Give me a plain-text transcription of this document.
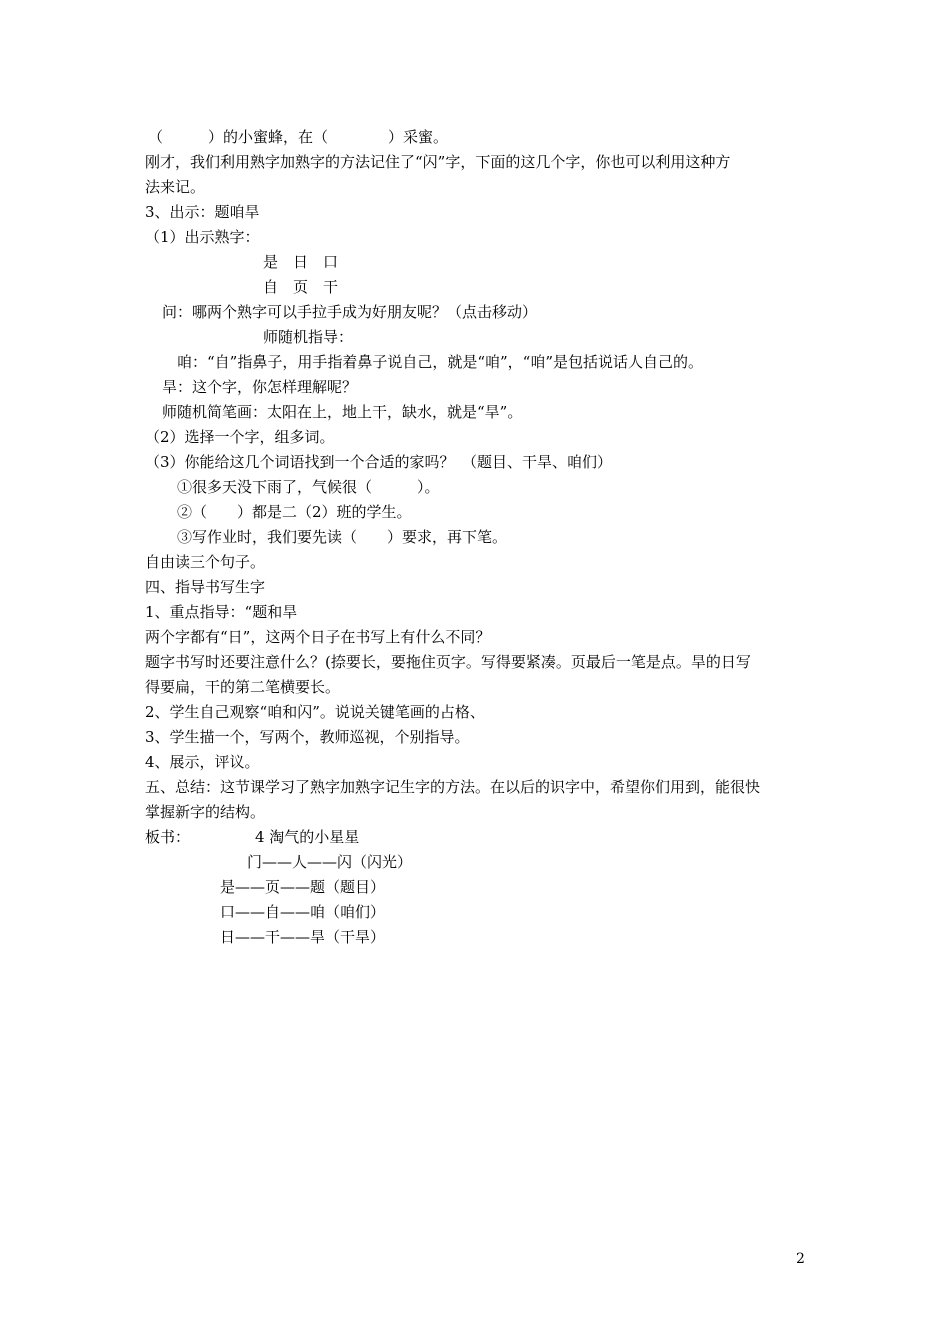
（　　　）的小蜜蜂，在（　　　　）采蜜。
刚才，我们利用熟字加熟字的方法记住了“闪”字，下面的这几个字，你也可以利用这种方
法来记。
3、出示：题咱旱
（1）出示熟字：
是　日　口
自　页　干
问：哪两个熟字可以手拉手成为好朋友呢？（点击移动）
师随机指导：
咱：“自”指鼻子，用手指着鼻子说自己，就是“咱”，“咱”是包括说话人自己的。
旱：这个字，你怎样理解呢？
师随机简笔画：太阳在上，地上干，缺水，就是“旱”。
（2）选择一个字，组多词。
（3）你能给这几个词语找到一个合适的家吗？　（题目、干旱、咱们）
①很多天没下雨了，气候很（　　　）。
②（　　）都是二（2）班的学生。
③写作业时，我们要先读（　　）要求，再下笔。
自由读三个句子。
四、指导书写生字
1、重点指导：“题和旱
两个字都有“日”，这两个日子在书写上有什么不同？
题字书写时还要注意什么？(捺要长，要拖住页字。写得要紧凑。页最后一笔是点。旱的日写
得要扁，干的第二笔横要长。
2、学生自己观察“咱和闪”。说说关键笔画的占格、
3、学生描一个，写两个，教师巡视，个别指导。
4、展示，评议。
五、总结：这节课学习了熟字加熟字记生字的方法。在以后的识字中，希望你们用到，能很快
掌握新字的结构。
板书：	4 淘气的小星星
门——人——闪（闪光）
是——页——题（题目）
口——自——咱（咱们）
日——干——旱（干旱）
2
